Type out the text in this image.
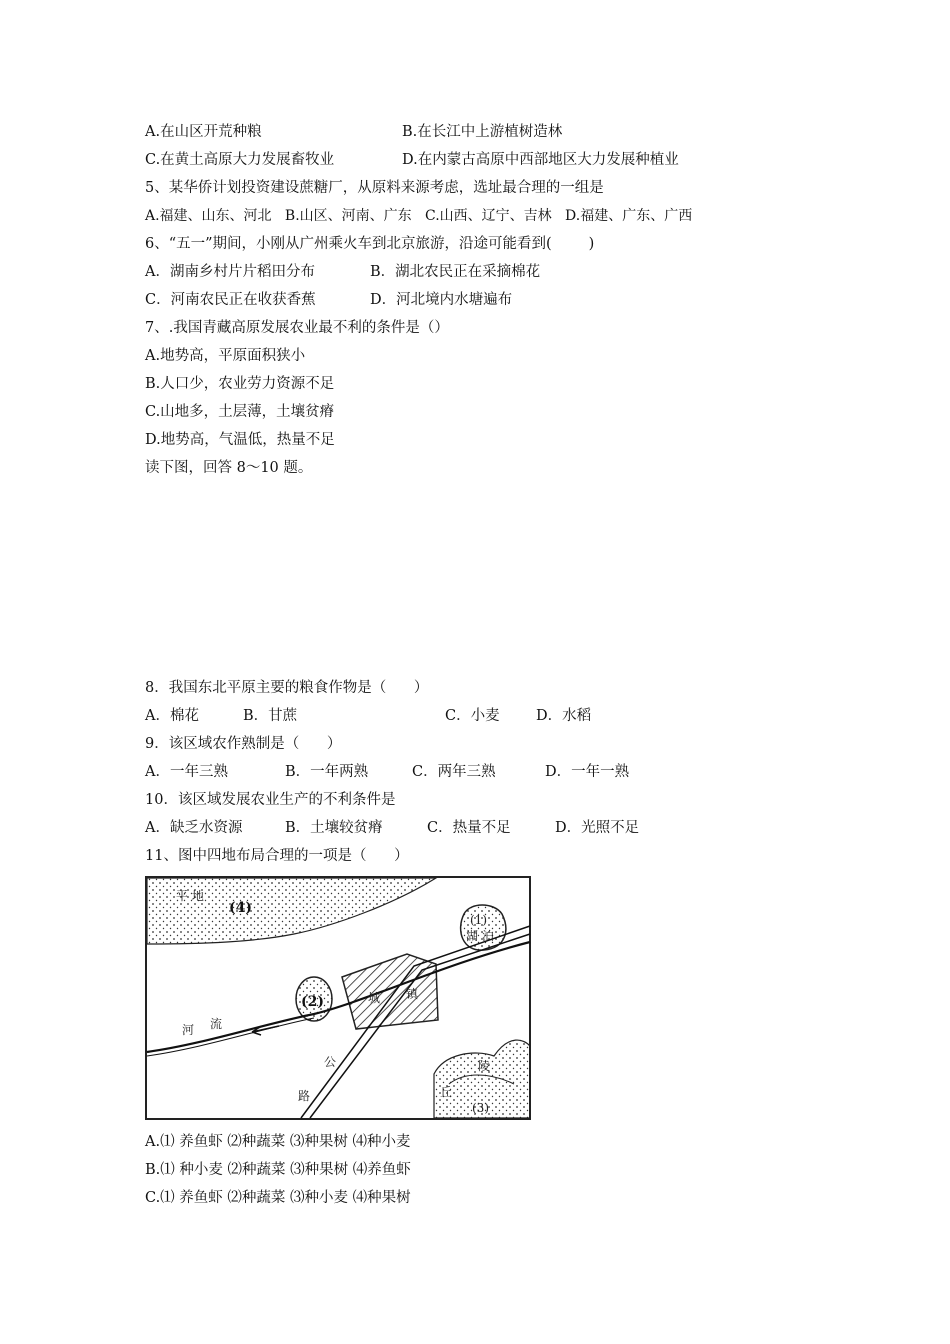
A.在山区开荒种粮	B.在长江中上游植树造林
C.在黄土高原大力发展畜牧业	D.在内蒙古高原中西部地区大力发展种植业
5、某华侨计划投资建设蔗糖厂，从原料来源考虑，选址最合理的一组是
A.福建、山东、河北   B.山区、河南、广东   C.山西、辽宁、吉林   D.福建、广东、广西
6、“五一”期间，小刚从广州乘火车到北京旅游，沿途可能看到(        )
A．湖南乡村片片稻田分布	B．湖北农民正在采摘棉花
C．河南农民正在收获香蕉	D．河北境内水塘遍布
7、.我国青藏高原发展农业最不利的条件是（）
A.地势高，平原面积狭小
B.人口少，农业劳力资源不足
C.山地多，土层薄，土壤贫瘠
D.地势高，气温低，热量不足
读下图，回答 8～10 题。
8．我国东北平原主要的粮食作物是（      ）
A．棉花	B．甘蔗	C．小麦	D．水稻
9．该区域农作熟制是（      ）
A．一年三熟	B．一年两熟	C．两年三熟	D．一年一熟
10．该区域发展农业生产的不利条件是
A．缺乏水资源	B．土壤较贫瘠	C．热量不足	D．光照不足
11、图中四地布局合理的一项是（      ）
平 地
(4)
(1)
湖 泊
(2)	城 镇
河 流
公
路
陵
丘
(3)
A.⑴ 养鱼虾 ⑵种蔬菜 ⑶种果树 ⑷种小麦
B.⑴ 种小麦 ⑵种蔬菜 ⑶种果树 ⑷养鱼虾
C.⑴ 养鱼虾 ⑵种蔬菜 ⑶种小麦 ⑷种果树
